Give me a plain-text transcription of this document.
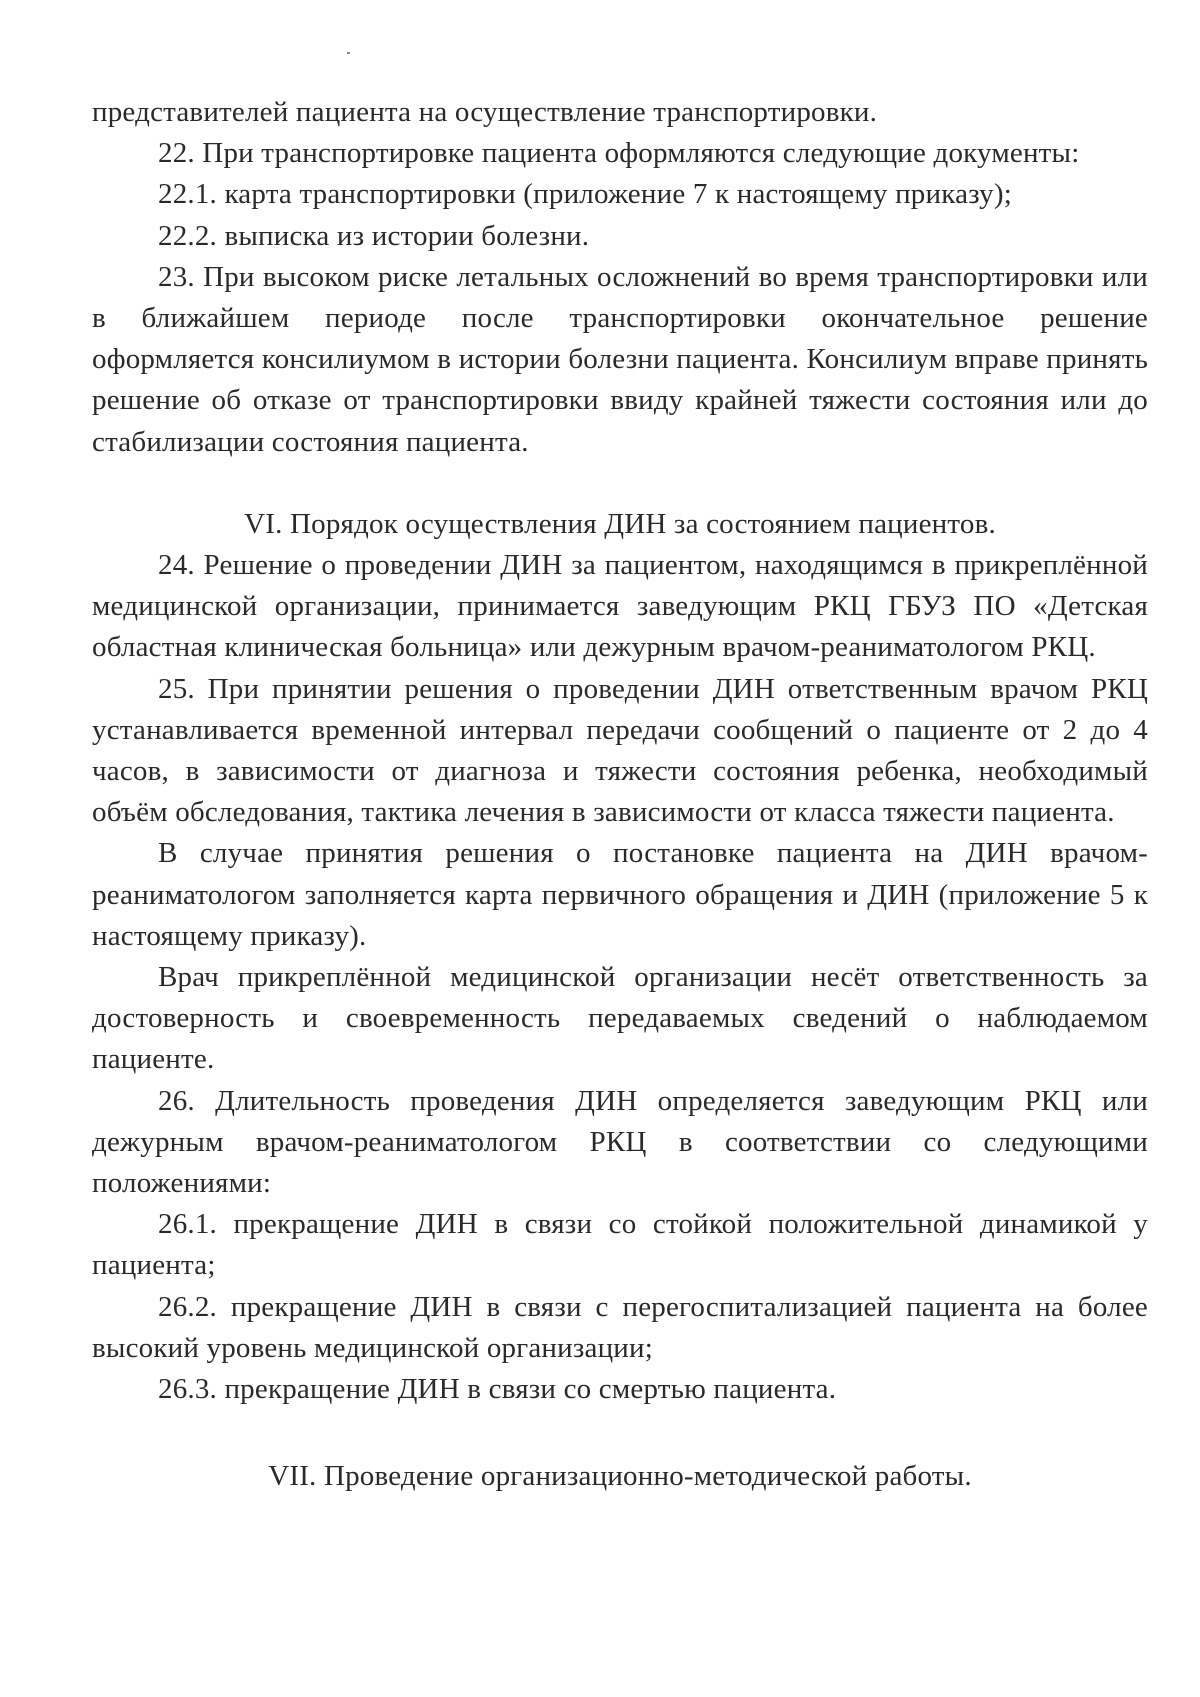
представителей пациента на осуществление транспортировки.

22. При транспортировке пациента оформляются следующие документы:

22.1. карта транспортировки (приложение 7 к настоящему приказу);

22.2. выписка из истории болезни.

23. При высоком риске летальных осложнений во время транспортировки или в ближайшем периоде после транспортировки окончательное решение оформляется консилиумом в истории болезни пациента. Консилиум вправе принять решение об отказе от транспортировки ввиду крайней тяжести состояния или до стабилизации состояния пациента.

VI. Порядок осуществления ДИН за состоянием пациентов.

24. Решение о проведении ДИН за пациентом, находящимся в прикреплённой медицинской организации, принимается заведующим РКЦ ГБУЗ ПО «Детская областная клиническая больница» или дежурным врачом-реаниматологом РКЦ.

25. При принятии решения о проведении ДИН ответственным врачом РКЦ устанавливается временной интервал передачи сообщений о пациенте от 2 до 4 часов, в зависимости от диагноза и тяжести состояния ребенка, необходимый объём обследования, тактика лечения в зависимости от класса тяжести пациента.

В случае принятия решения о постановке пациента на ДИН врачом- реаниматологом заполняется карта первичного обращения и ДИН (приложение 5 к настоящему приказу).

Врач прикреплённой медицинской организации несёт ответственность за достоверность и своевременность передаваемых сведений о наблюдаемом пациенте.

26. Длительность проведения ДИН определяется заведующим РКЦ или дежурным врачом-реаниматологом РКЦ в соответствии со следующими положениями:

26.1. прекращение ДИН в связи со стойкой положительной динамикой у пациента;

26.2. прекращение ДИН в связи с перегоспитализацией пациента на более высокий уровень медицинской организации;

26.3. прекращение ДИН в связи со смертью пациента.

VII. Проведение организационно-методической работы.
